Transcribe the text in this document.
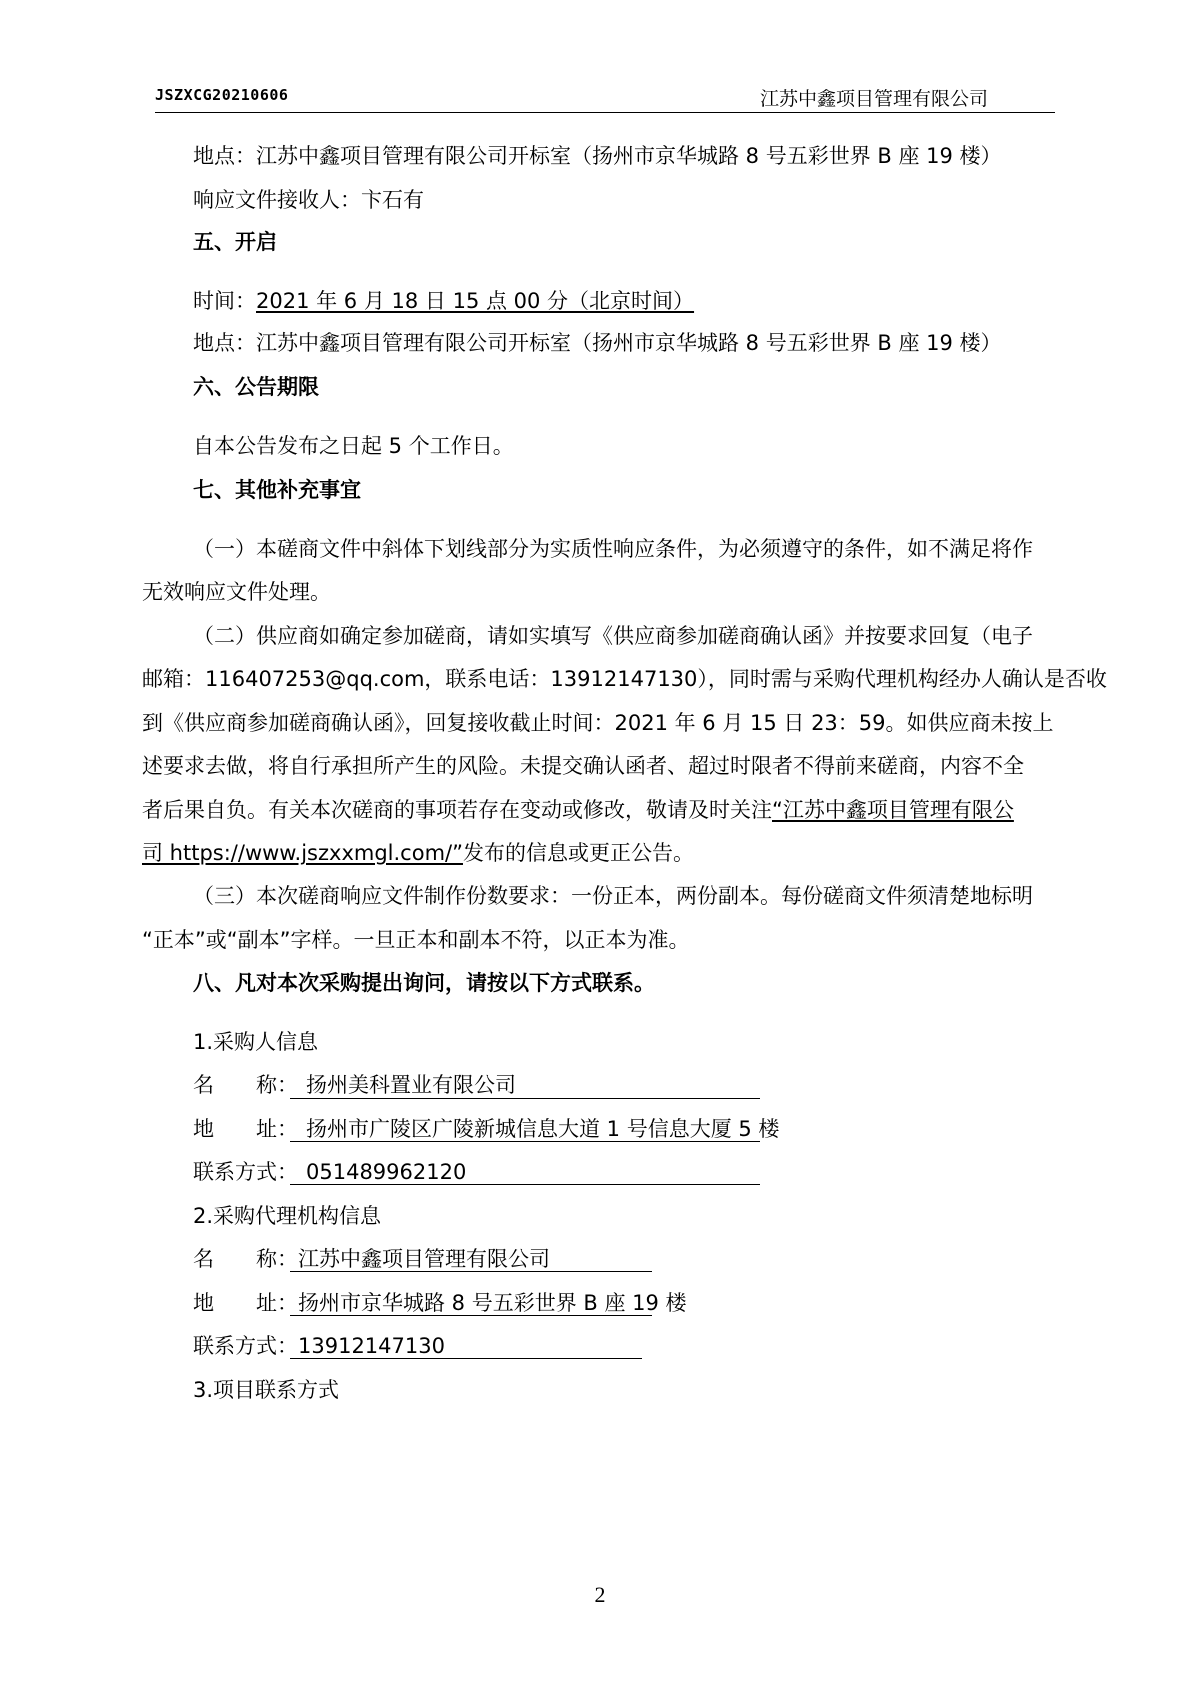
JSZXCG20210606	江苏中鑫项目管理有限公司
地点：江苏中鑫项目管理有限公司开标室（扬州市京华城路 8 号五彩世界 B 座 19 楼）
响应文件接收人：卞石有
五、开启
时间：2021 年 6 月 18 日 15 点 00 分（北京时间）
地点：江苏中鑫项目管理有限公司开标室（扬州市京华城路 8 号五彩世界 B 座 19 楼）
六、公告期限
自本公告发布之日起 5 个工作日。
七、其他补充事宜
（一）本磋商文件中斜体下划线部分为实质性响应条件，为必须遵守的条件，如不满足将作
无效响应文件处理。
（二）供应商如确定参加磋商，请如实填写《供应商参加磋商确认函》并按要求回复（电子
邮箱：116407253@qq.com，联系电话：13912147130），同时需与采购代理机构经办人确认是否收
到《供应商参加磋商确认函》，回复接收截止时间：2021 年 6 月 15 日 23：59。如供应商未按上
述要求去做，将自行承担所产生的风险。未提交确认函者、超过时限者不得前来磋商，内容不全
者后果自负。有关本次磋商的事项若存在变动或修改，敬请及时关注“江苏中鑫项目管理有限公
司 https://www.jszxxmgl.com/”发布的信息或更正公告。
（三）本次磋商响应文件制作份数要求：一份正本，两份副本。每份磋商文件须清楚地标明
“正本”或“副本”字样。一旦正本和副本不符，以正本为准。
八、凡对本次采购提出询问，请按以下方式联系。
1.采购人信息
名　　称： 扬州美科置业有限公司
地　　址： 扬州市广陵区广陵新城信息大道 1 号信息大厦 5 楼
联系方式： 051489962120
2.采购代理机构信息
名　　称：江苏中鑫项目管理有限公司
地　　址：扬州市京华城路 8 号五彩世界 B 座 19 楼
联系方式：13912147130
3.项目联系方式
2
